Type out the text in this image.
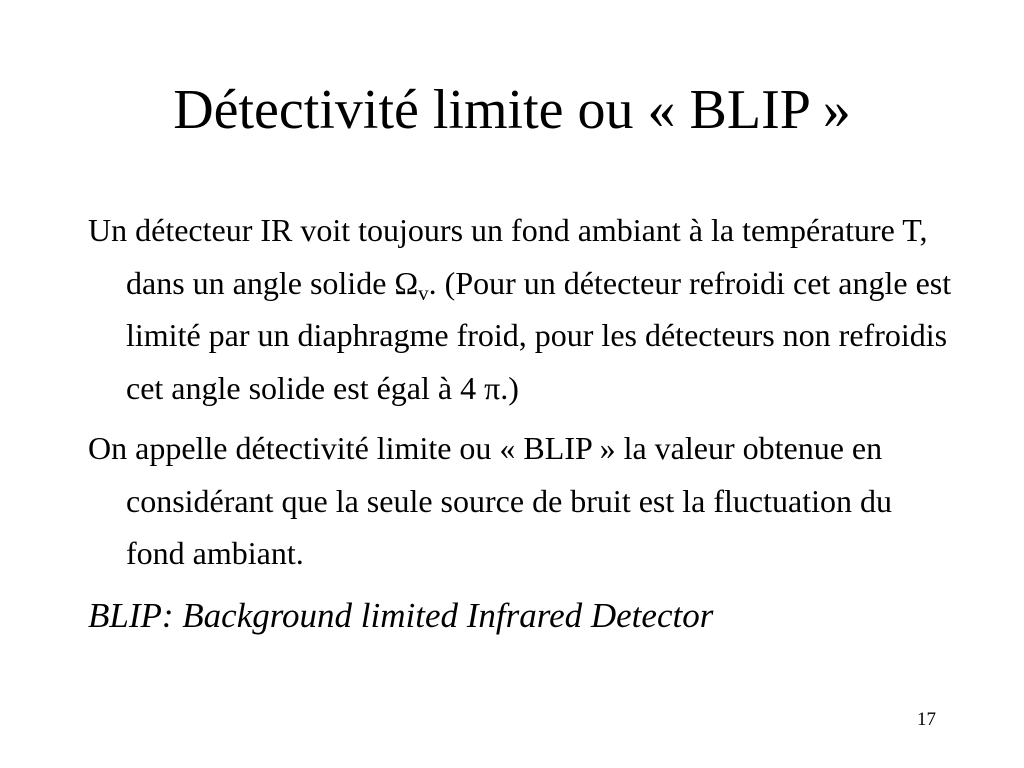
Détectivité limite ou « BLIP »
Un détecteur IR voit toujours un fond ambiant à la température T, dans un angle solide $\Omega_v$. (Pour un détecteur refroidi cet angle est limité par un diaphragme froid, pour les détecteurs non refroidis cet angle solide est égal à 4 π.)
On appelle détectivité limite ou « BLIP » la valeur obtenue en considérant que la seule source de bruit est la fluctuation du fond ambiant.
BLIP: Background limited Infrared Detector
17
